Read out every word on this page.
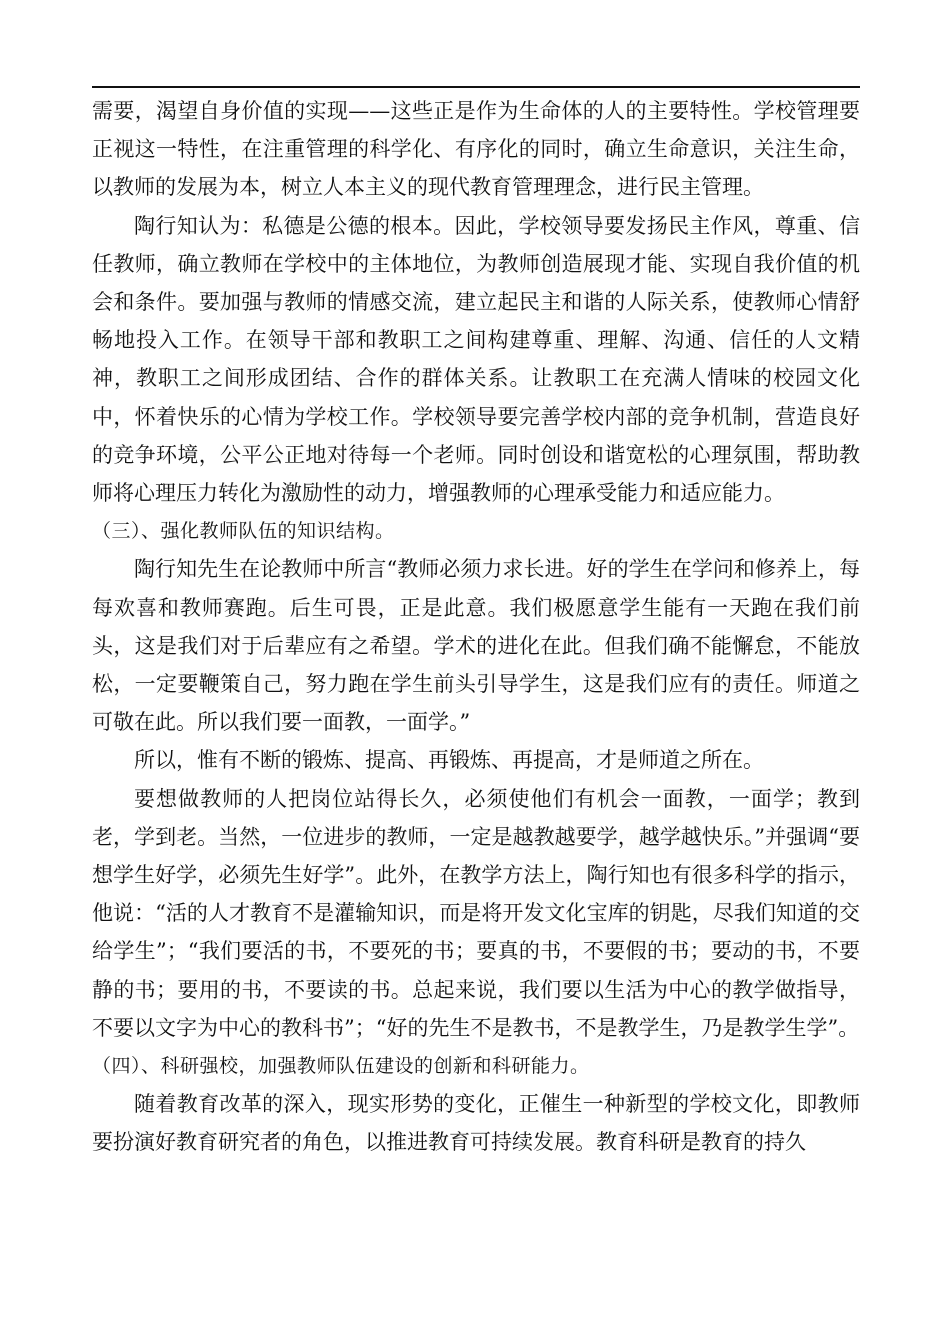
需要，渴望自身价值的实现——这些正是作为生命体的人的主要特性。学校管理要正视这一特性，在注重管理的科学化、有序化的同时，确立生命意识，关注生命，以教师的发展为本，树立人本主义的现代教育管理理念，进行民主管理。

陶行知认为：私德是公德的根本。因此，学校领导要发扬民主作风，尊重、信任教师，确立教师在学校中的主体地位，为教师创造展现才能、实现自我价值的机会和条件。要加强与教师的情感交流，建立起民主和谐的人际关系，使教师心情舒畅地投入工作。在领导干部和教职工之间构建尊重、理解、沟通、信任的人文精神，教职工之间形成团结、合作的群体关系。让教职工在充满人情味的校园文化中，怀着快乐的心情为学校工作。学校领导要完善学校内部的竞争机制，营造良好的竞争环境，公平公正地对待每一个老师。同时创设和谐宽松的心理氛围，帮助教师将心理压力转化为激励性的动力，增强教师的心理承受能力和适应能力。

（三）、强化教师队伍的知识结构。

陶行知先生在论教师中所言“教师必须力求长进。好的学生在学问和修养上，每每欢喜和教师赛跑。后生可畏，正是此意。我们极愿意学生能有一天跑在我们前头，这是我们对于后辈应有之希望。学术的进化在此。但我们确不能懈怠，不能放松，一定要鞭策自己，努力跑在学生前头引导学生，这是我们应有的责任。师道之可敬在此。所以我们要一面教，一面学。”

所以，惟有不断的锻炼、提高、再锻炼、再提高，才是师道之所在。

要想做教师的人把岗位站得长久，必须使他们有机会一面教，一面学；教到老，学到老。当然，一位进步的教师，一定是越教越要学，越学越快乐。”并强调“要想学生好学，必须先生好学”。此外，在教学方法上，陶行知也有很多科学的指示，他说：“活的人才教育不是灌输知识，而是将开发文化宝库的钥匙，尽我们知道的交给学生”；“我们要活的书，不要死的书；要真的书，不要假的书；要动的书，不要静的书；要用的书，不要读的书。总起来说，我们要以生活为中心的教学做指导，不要以文字为中心的教科书”；“好的先生不是教书，不是教学生，乃是教学生学”。

（四）、科研强校，加强教师队伍建设的创新和科研能力。

随着教育改革的深入，现实形势的变化，正催生一种新型的学校文化，即教师要扮演好教育研究者的角色，以推进教育可持续发展。教育科研是教育的持久
